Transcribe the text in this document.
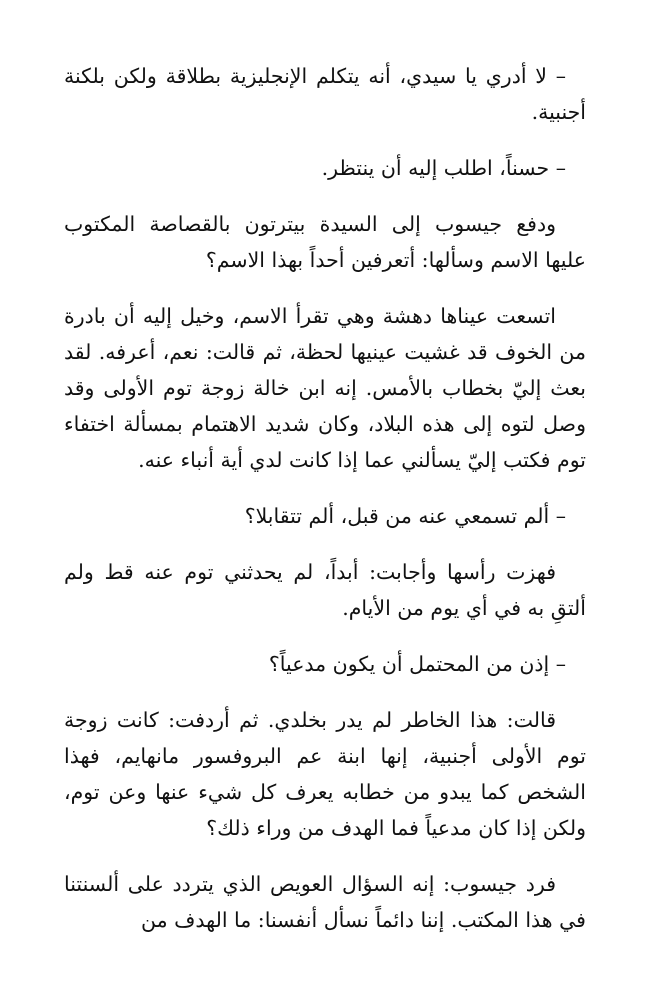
– لا أدري يا سيدي، أنه يتكلم الإنجليزية بطلاقة ولكن بلكنة أجنبية.

– حسناً، اطلب إليه أن ينتظر.

ودفع جيسوب إلى السيدة بيترتون بالقصاصة المكتوب عليها الاسم وسألها: أتعرفين أحداً بهذا الاسم؟

اتسعت عيناها دهشة وهي تقرأ الاسم، وخيل إليه أن بادرة من الخوف قد غشيت عينيها لحظة، ثم قالت: نعم، أعرفه. لقد بعث إليّ بخطاب بالأمس. إنه ابن خالة زوجة توم الأولى وقد وصل لتوه إلى هذه البلاد، وكان شديد الاهتمام بمسألة اختفاء توم فكتب إليّ يسألني عما إذا كانت لدي أية أنباء عنه.

– ألم تسمعي عنه من قبل، ألم تتقابلا؟

فهزت رأسها وأجابت: أبداً، لم يحدثني توم عنه قط ولم ألتقِ به في أي يوم من الأيام.

– إذن من المحتمل أن يكون مدعياً؟

قالت: هذا الخاطر لم يدر بخلدي. ثم أردفت: كانت زوجة توم الأولى أجنبية، إنها ابنة عم البروفسور مانهايم، فهذا الشخص كما يبدو من خطابه يعرف كل شيء عنها وعن توم، ولكن إذا كان مدعياً فما الهدف من وراء ذلك؟

فرد جيسوب: إنه السؤال العويص الذي يتردد على ألسنتنا في هذا المكتب. إننا دائماً نسأل أنفسنا: ما الهدف من
